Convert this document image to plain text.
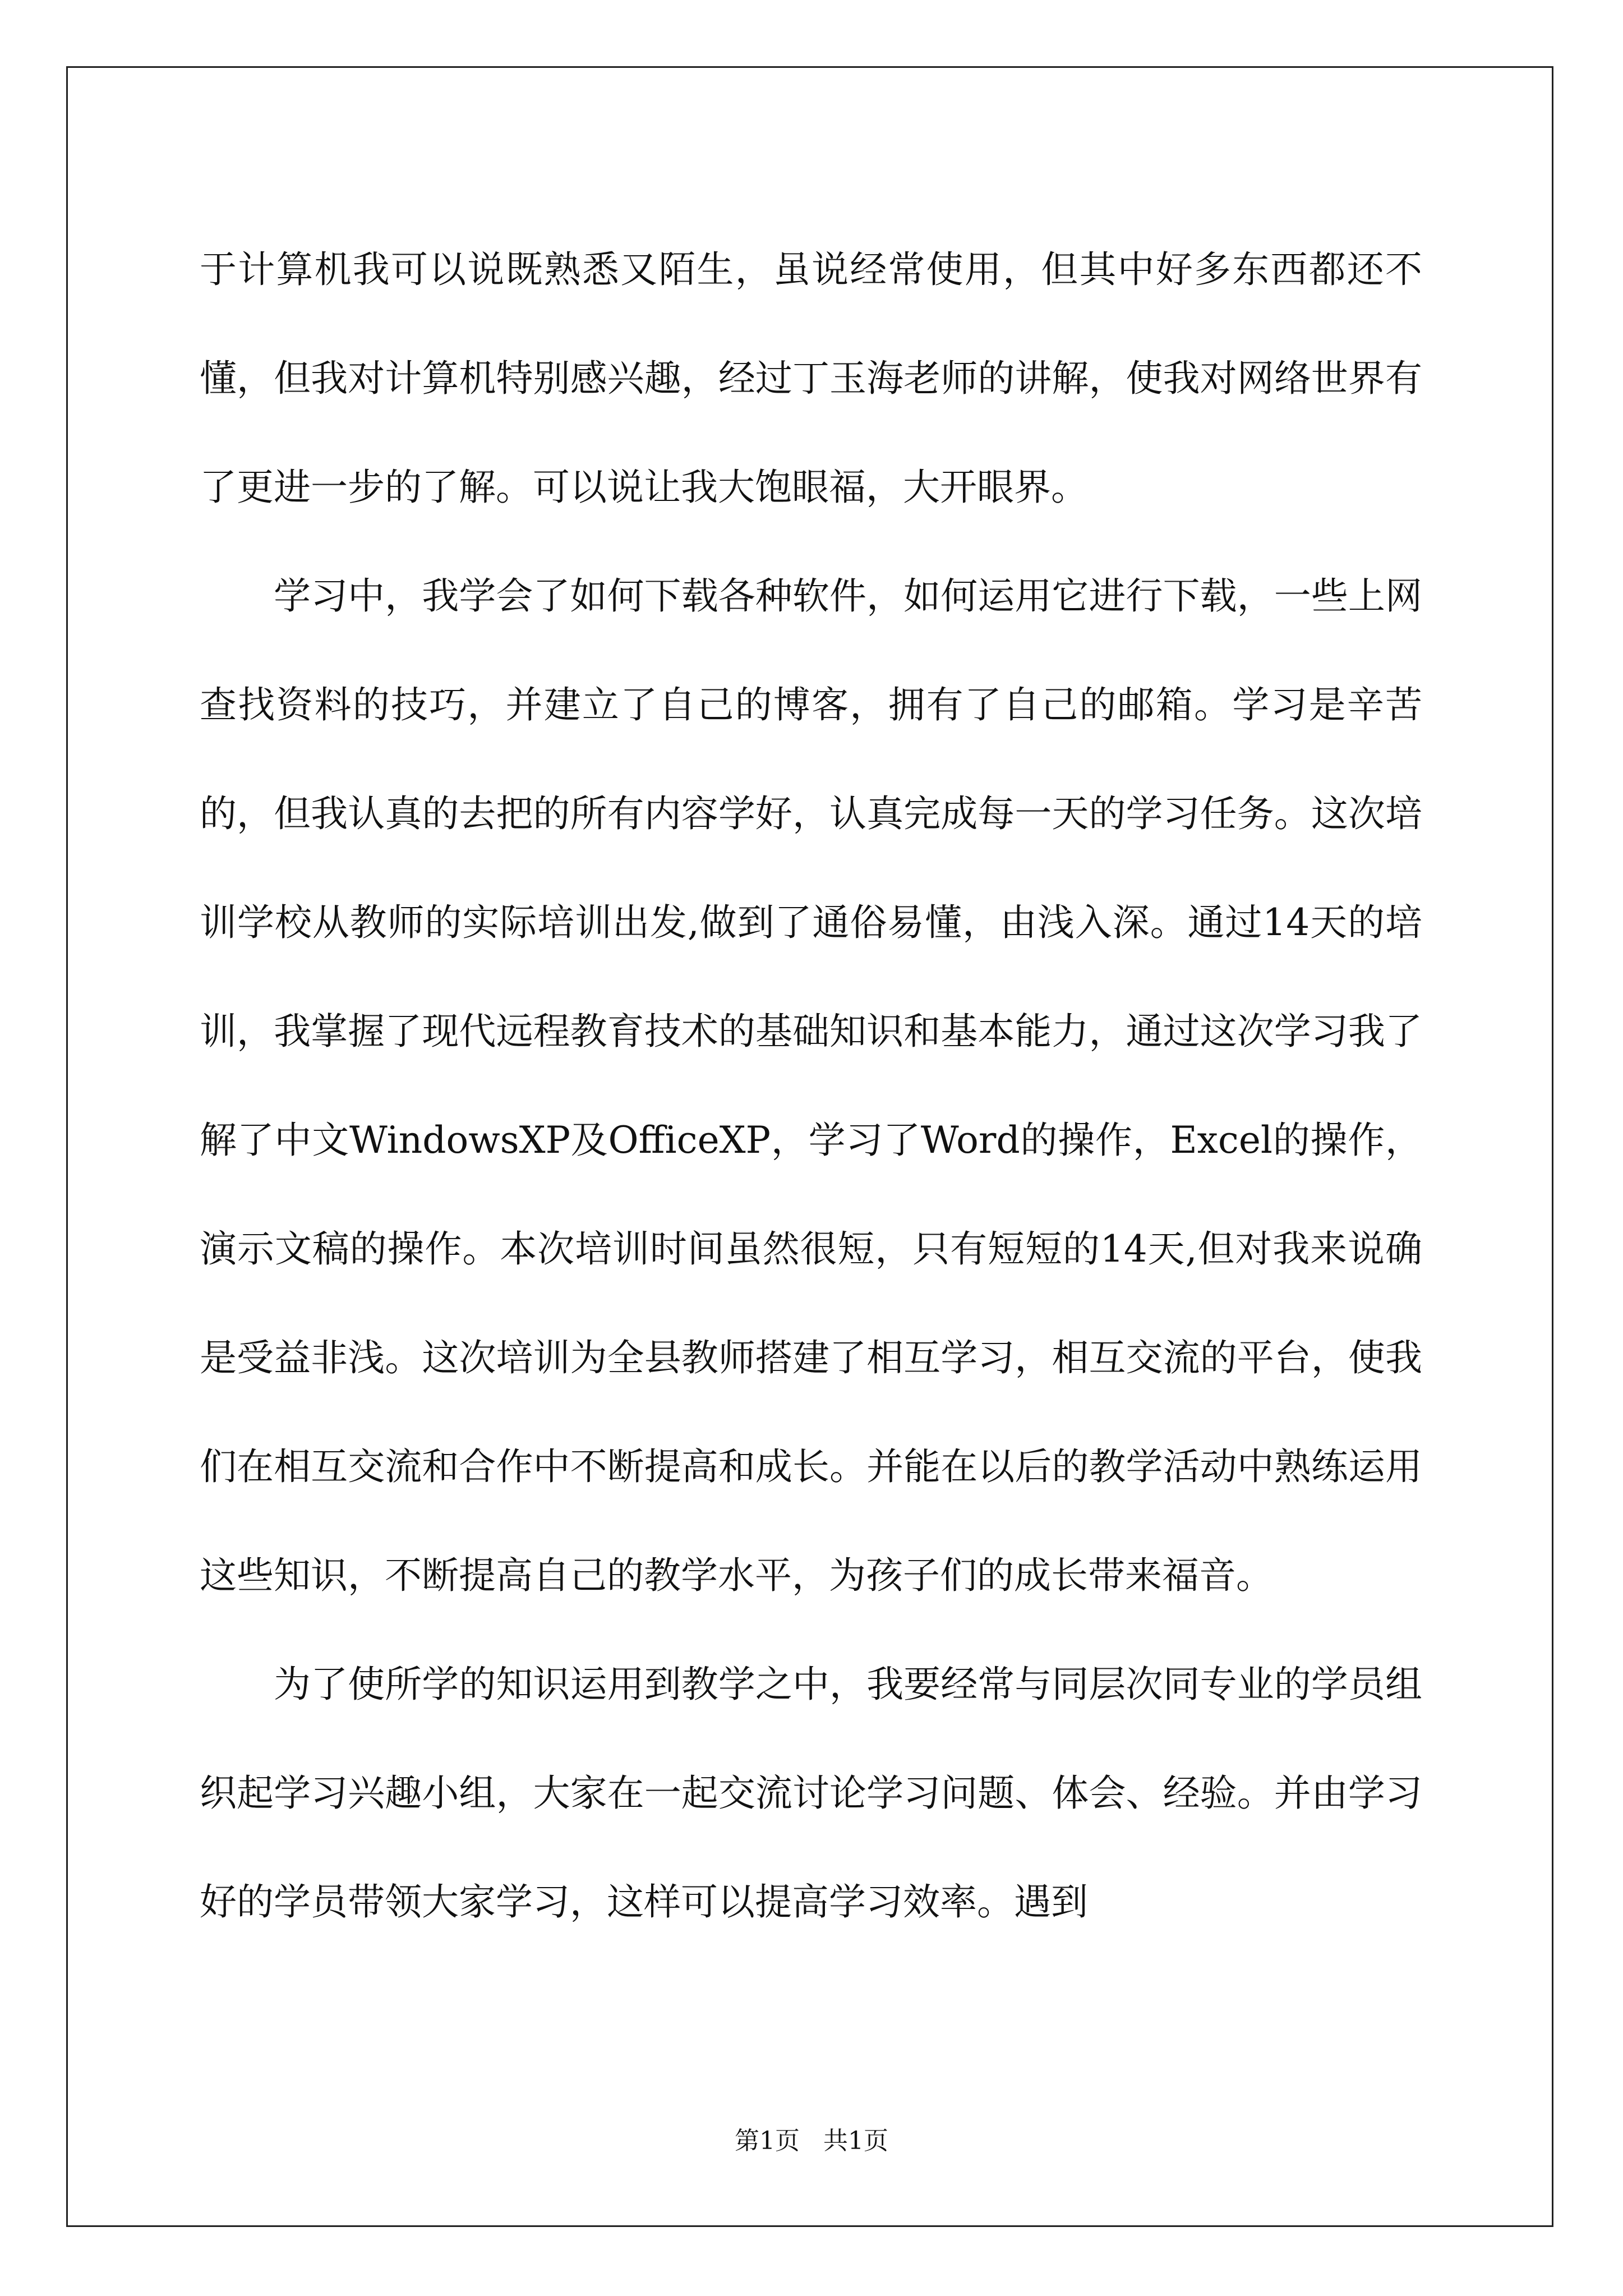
于计算机我可以说既熟悉又陌生，虽说经常使用，但其中好多东西都还不懂，但我对计算机特别感兴趣，经过丁玉海老师的讲解，使我对网络世界有了更进一步的了解。可以说让我大饱眼福，大开眼界。

学习中，我学会了如何下载各种软件，如何运用它进行下载，一些上网查找资料的技巧，并建立了自己的博客，拥有了自己的邮箱。学习是辛苦的，但我认真的去把的所有内容学好，认真完成每一天的学习任务。这次培训学校从教师的实际培训出发,做到了通俗易懂，由浅入深。通过14天的培训，我掌握了现代远程教育技术的基础知识和基本能力，通过这次学习我了解了中文WindowsXP及OfficeXP，学习了Word的操作，Excel的操作，演示文稿的操作。本次培训时间虽然很短，只有短短的14天,但对我来说确是受益非浅。这次培训为全县教师搭建了相互学习，相互交流的平台，使我们在相互交流和合作中不断提高和成长。并能在以后的教学活动中熟练运用这些知识，不断提高自己的教学水平，为孩子们的成长带来福音。

为了使所学的知识运用到教学之中，我要经常与同层次同专业的学员组织起学习兴趣小组，大家在一起交流讨论学习问题、体会、经验。并由学习好的学员带领大家学习，这样可以提高学习效率。遇到

第1页   共1页
